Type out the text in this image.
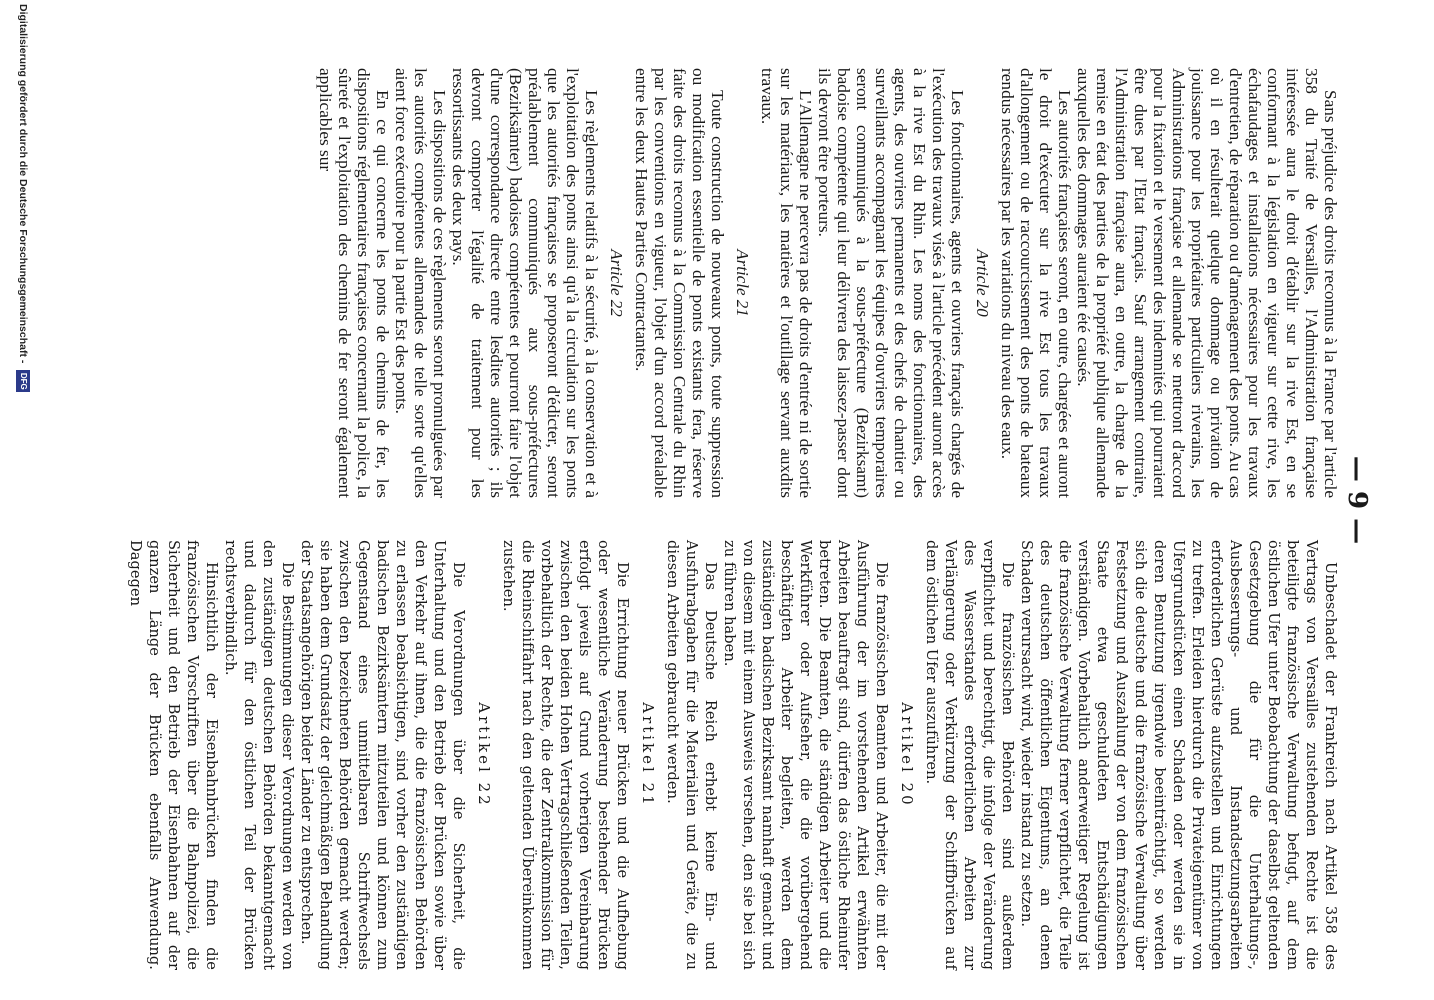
— 9 —

Sans préjudice des droits reconnus à la France par l'article 358 du Traité de Versailles, l'Administration française intéressée aura le droit d'établir sur la rive Est, en se conformant à la législation en vigueur sur cette rive, les échafaudages et installations nécessaires pour les travaux d'entretien, de réparation ou d'aménagement des ponts. Au cas où il en résulterait quelque dommage ou privation de jouissance pour les propriétaires particuliers riverains, les Administrations française et allemande se mettront d'accord pour la fixation et le versement des indemnités qui pourraient être dues par l'Etat français. Sauf arrangement contraire, l'Administration française aura, en outre, la charge de la remise en état des parties de la propriété publique allemande auxquelles des dommages auraient été causés.

Les autorités françaises seront, en outre, chargées et auront le droit d'exécuter sur la rive Est tous les travaux d'allongement ou de raccourcissement des ponts de bateaux rendus nécessaires par les variations du niveau des eaux.

Article 20

Les fonctionnaires, agents et ouvriers français chargés de l'exécution des travaux visés à l'article précédent auront accès à la rive Est du Rhin. Les noms des fonctionnaires, des agents, des ouvriers permanents et des chefs de chantier ou surveillants accompagnant les équipes d'ouvriers temporaires seront communiqués à la sous-préfecture (Bezirksamt) badoise compétente qui leur délivrera des laissez-passer dont ils devront être porteurs.

L'Allemagne ne percevra pas de droits d'entrée ni de sortie sur les matériaux, les matières et l'outillage servant auxdits travaux.

Article 21

Toute construction de nouveaux ponts, toute suppression ou modification essentielle de ponts existants fera, réserve faite des droits reconnus à la Commission Centrale du Rhin par les conventions en vigueur, l'objet d'un accord préalable entre les deux Hautes Parties Contractantes.

Article 22

Les règlements relatifs à la sécurité, à la conservation et à l'exploitation des ponts ainsi qu'à la circulation sur les ponts que les autorités françaises se proposeront d'édicter, seront préalablement communiqués aux sous-préfectures (Bezirksämter) badoises compétentes et pourront faire l'objet d'une correspondance directe entre lesdites autorités ; ils devront comporter l'égalité de traitement pour les ressortissants des deux pays.

Les dispositions de ces règlements seront promulguées par les autorités compétentes allemandes de telle sorte qu'elles aient force exécutoire pour la partie Est des ponts.

En ce qui concerne les ponts de chemins de fer, les dispositions réglementaires françaises concernant la police, la sûreté et l'exploitation des chemins de fer seront également applicables sur

Unbeschadet der Frankreich nach Artikel 358 des Vertrags von Versailles zustehenden Rechte ist die beteiligte französische Verwaltung befugt, auf dem östlichen Ufer unter Beobachtung der daselbst geltenden Gesetzgebung die für die Unterhaltungs-, Ausbesserungs- und Instandsetzungsarbeiten erforderlichen Gerüste aufzustellen und Einrichtungen zu treffen. Erleiden hierdurch die Privateigentümer von Ufergrundstücken einen Schaden oder werden sie in deren Benutzung irgendwie beeinträchtigt, so werden sich die deutsche und die französische Verwaltung über Festsetzung und Auszahlung der von dem französischen Staate etwa geschuldeten Entschädigungen verständigen. Vorbehaltlich anderweitiger Regelung ist die französische Verwaltung ferner verpflichtet, die Teile des deutschen öffentlichen Eigentums, an denen Schaden verursacht wird, wieder instand zu setzen.

Die französischen Behörden sind außerdem verpflichtet und berechtigt, die infolge der Veränderung des Wasserstandes erforderlichen Arbeiten zur Verlängerung oder Verkürzung der Schiffbrücken auf dem östlichen Ufer auszuführen.

Artikel 20

Die französischen Beamten und Arbeiter, die mit der Ausführung der im vorstehenden Artikel erwähnten Arbeiten beauftragt sind, dürfen das östliche Rheinufer betreten. Die Beamten, die ständigen Arbeiter und die Werkführer oder Aufseher, die die vorübergehend beschäftigten Arbeiter begleiten, werden dem zuständigen badischen Bezirksamt namhaft gemacht und von diesem mit einem Ausweis versehen, den sie bei sich zu führen haben.

Das Deutsche Reich erhebt keine Ein- und Ausfuhrabgaben für die Materialien und Geräte, die zu diesen Arbeiten gebraucht werden.

Artikel 21

Die Errichtung neuer Brücken und die Aufhebung oder wesentliche Veränderung bestehender Brücken erfolgt jeweils auf Grund vorherigen Vereinbarung zwischen den beiden Hohen Vertragschließenden Teilen, vorbehaltlich der Rechte, die der Zentralkommission für die Rheinschiffahrt nach den geltenden Übereinkommen zustehen.

Artikel 22

Die Verordnungen über die Sicherheit, die Unterhaltung und den Betrieb der Brücken sowie über den Verkehr auf ihnen, die die französischen Behörden zu erlassen beabsichtigen, sind vorher den zuständigen badischen Bezirksämtern mitzuteilen und können zum Gegenstand eines unmittelbaren Schriftwechsels zwischen den bezeichneten Behörden gemacht werden; sie haben dem Grundsatz der gleichmäßigen Behandlung der Staatsangehörigen beider Länder zu entsprechen.

Die Bestimmungen dieser Verordnungen werden von den zuständigen deutschen Behörden bekanntgemacht und dadurch für den östlichen Teil der Brücken rechtsverbindlich.

Hinsichtlich der Eisenbahnbrücken finden die französischen Vorschriften über die Bahnpolizei, die Sicherheit und den Betrieb der Eisenbahnen auf der ganzen Länge der Brücken ebenfalls Anwendung. Dagegen

Digitalisierung gefördert durch die Deutsche Forschungsgemeinschaft - DFG
